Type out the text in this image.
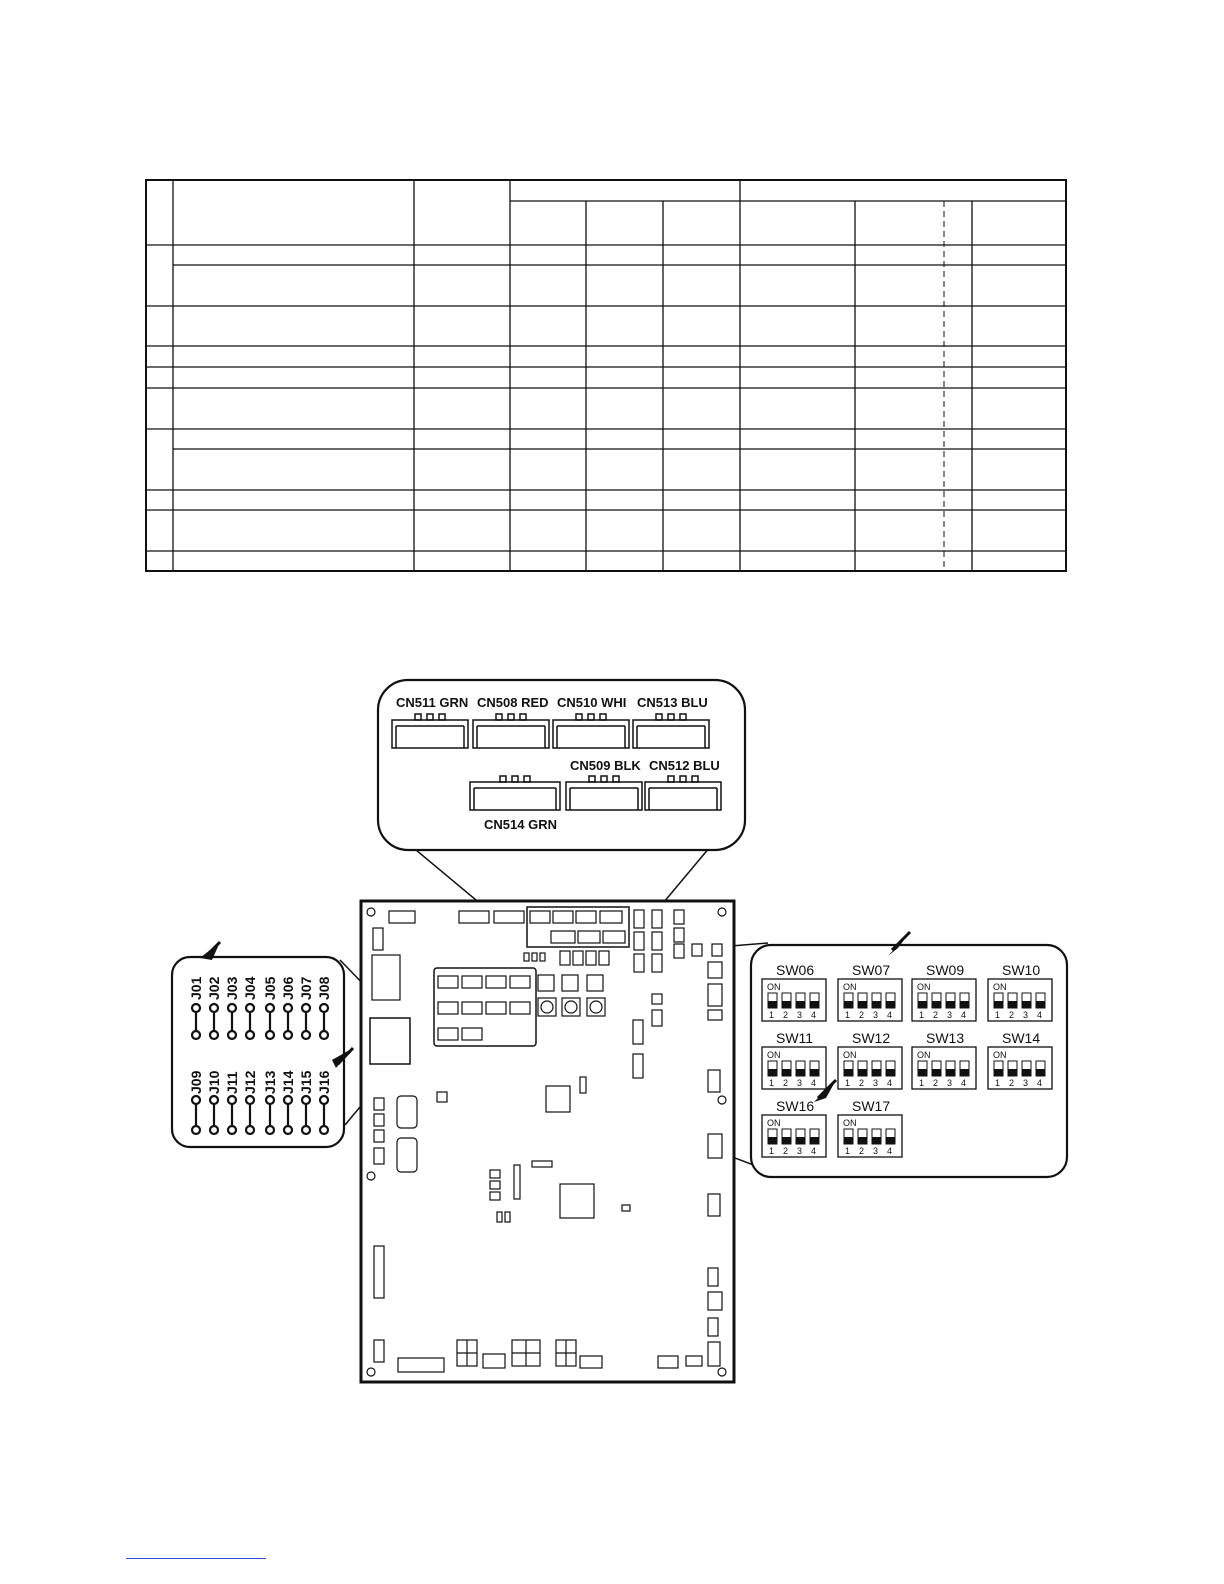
CN511 GRN CN508 RED CN510 WHI CN513 BLU
CN509 BLK CN512 BLU
CN514 GRN
SW06
ON
1 2 3 4
SW07
ON
1 2 3 4
SW09
ON
1 2 3 4
SW10
ON
1 2 3 4
SW11
ON
1 2 3 4
SW12
ON
1 2 3 4
SW13
ON
1 2 3 4
SW14
ON
1 2 3 4
SW16
ON
1 2 3 4
SW17
ON
1 2 3 4
J01 J02 J03 J04 J05 J06 J07 J08
J09 J10 J11 J12 J13 J14 J15 J16
